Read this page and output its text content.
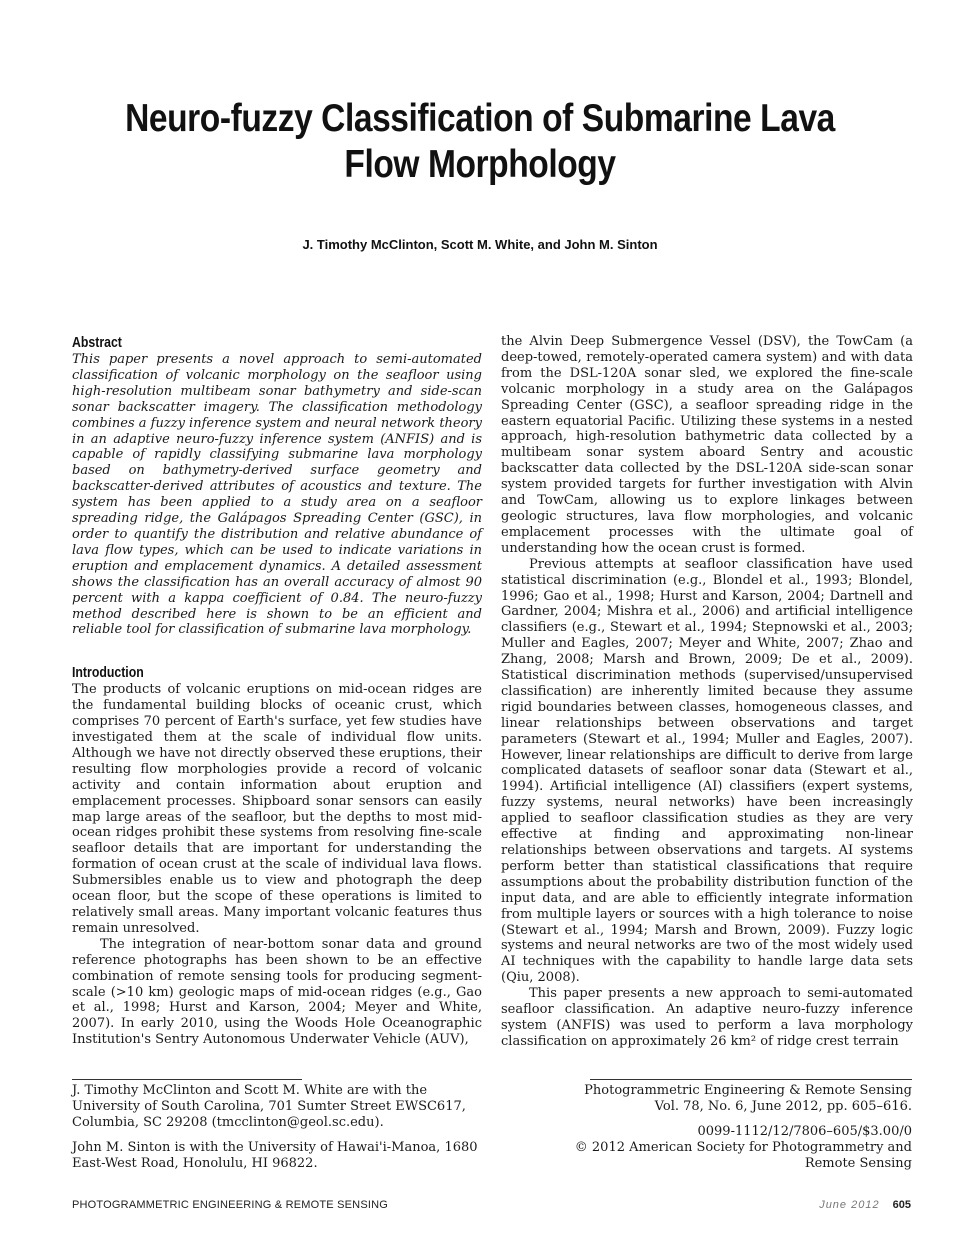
Neuro-fuzzy Classification of Submarine Lava Flow Morphology
J. Timothy McClinton, Scott M. White, and John M. Sinton
Abstract

This paper presents a novel approach to semi-automated classification of volcanic morphology on the seafloor using high-resolution multibeam sonar bathymetry and side-scan sonar backscatter imagery. The classification methodology combines a fuzzy inference system and neural network theory in an adaptive neuro-fuzzy inference system (ANFIS) and is capable of rapidly classifying submarine lava morphology based on bathymetry-derived surface geometry and backscatter-derived attributes of acoustics and texture. The system has been applied to a study area on a seafloor spreading ridge, the Galápagos Spreading Center (GSC), in order to quantify the distribution and relative abundance of lava flow types, which can be used to indicate variations in eruption and emplacement dynamics. A detailed assessment shows the classification has an overall accuracy of almost 90 percent with a kappa coefficient of 0.84. The neuro-fuzzy method described here is shown to be an efficient and reliable tool for classification of submarine lava morphology.

Introduction

The products of volcanic eruptions on mid-ocean ridges are the fundamental building blocks of oceanic crust, which comprises 70 percent of Earth's surface, yet few studies have investigated them at the scale of individual flow units. Although we have not directly observed these eruptions, their resulting flow morphologies provide a record of volcanic activity and contain information about eruption and emplacement processes. Shipboard sonar sensors can easily map large areas of the seafloor, but the depths to most mid-ocean ridges prohibit these systems from resolving fine-scale seafloor details that are important for understanding the formation of ocean crust at the scale of individual lava flows. Submersibles enable us to view and photograph the deep ocean floor, but the scope of these operations is limited to relatively small areas. Many important volcanic features thus remain unresolved.

The integration of near-bottom sonar data and ground reference photographs has been shown to be an effective combination of remote sensing tools for producing segment-scale (>10 km) geologic maps of mid-ocean ridges (e.g., Gao et al., 1998; Hurst and Karson, 2004; Meyer and White, 2007). In early 2010, using the Woods Hole Oceanographic Institution's Sentry Autonomous Underwater Vehicle (AUV),

the Alvin Deep Submergence Vessel (DSV), the TowCam (a deep-towed, remotely-operated camera system) and with data from the DSL-120A sonar sled, we explored the fine-scale volcanic morphology in a study area on the Galápagos Spreading Center (GSC), a seafloor spreading ridge in the eastern equatorial Pacific. Utilizing these systems in a nested approach, high-resolution bathymetric data collected by a multibeam sonar system aboard Sentry and acoustic backscatter data collected by the DSL-120A side-scan sonar system provided targets for further investigation with Alvin and TowCam, allowing us to explore linkages between geologic structures, lava flow morphologies, and volcanic emplacement processes with the ultimate goal of understanding how the ocean crust is formed.

Previous attempts at seafloor classification have used statistical discrimination (e.g., Blondel et al., 1993; Blondel, 1996; Gao et al., 1998; Hurst and Karson, 2004; Dartnell and Gardner, 2004; Mishra et al., 2006) and artificial intelligence classifiers (e.g., Stewart et al., 1994; Stepnowski et al., 2003; Muller and Eagles, 2007; Meyer and White, 2007; Zhao and Zhang, 2008; Marsh and Brown, 2009; De et al., 2009). Statistical discrimination methods (supervised/unsupervised classification) are inherently limited because they assume rigid boundaries between classes, homogeneous classes, and linear relationships between observations and target parameters (Stewart et al., 1994; Muller and Eagles, 2007). However, linear relationships are difficult to derive from large complicated datasets of seafloor sonar data (Stewart et al., 1994). Artificial intelligence (AI) classifiers (expert systems, fuzzy systems, neural networks) have been increasingly applied to seafloor classification studies as they are very effective at finding and approximating non-linear relationships between observations and targets. AI systems perform better than statistical classifications that require assumptions about the probability distribution function of the input data, and are able to efficiently integrate information from multiple layers or sources with a high tolerance to noise (Stewart et al., 1994; Marsh and Brown, 2009). Fuzzy logic systems and neural networks are two of the most widely used AI techniques with the capability to handle large data sets (Qiu, 2008).

This paper presents a new approach to semi-automated seafloor classification. An adaptive neuro-fuzzy inference system (ANFIS) was used to perform a lava morphology classification on approximately 26 km² of ridge crest terrain

J. Timothy McClinton and Scott M. White are with the University of South Carolina, 701 Sumter Street EWSC617, Columbia, SC 29208 (tmcclinton@geol.sc.edu).
John M. Sinton is with the University of Hawai'i-Manoa, 1680 East-West Road, Honolulu, HI 96822.
Photogrammetric Engineering & Remote Sensing
Vol. 78, No. 6, June 2012, pp. 605–616.
0099-1112/12/7806–605/$3.00/0
© 2012 American Society for Photogrammetry and Remote Sensing
PHOTOGRAMMETRIC ENGINEERING & REMOTE SENSING	June 2012 605
